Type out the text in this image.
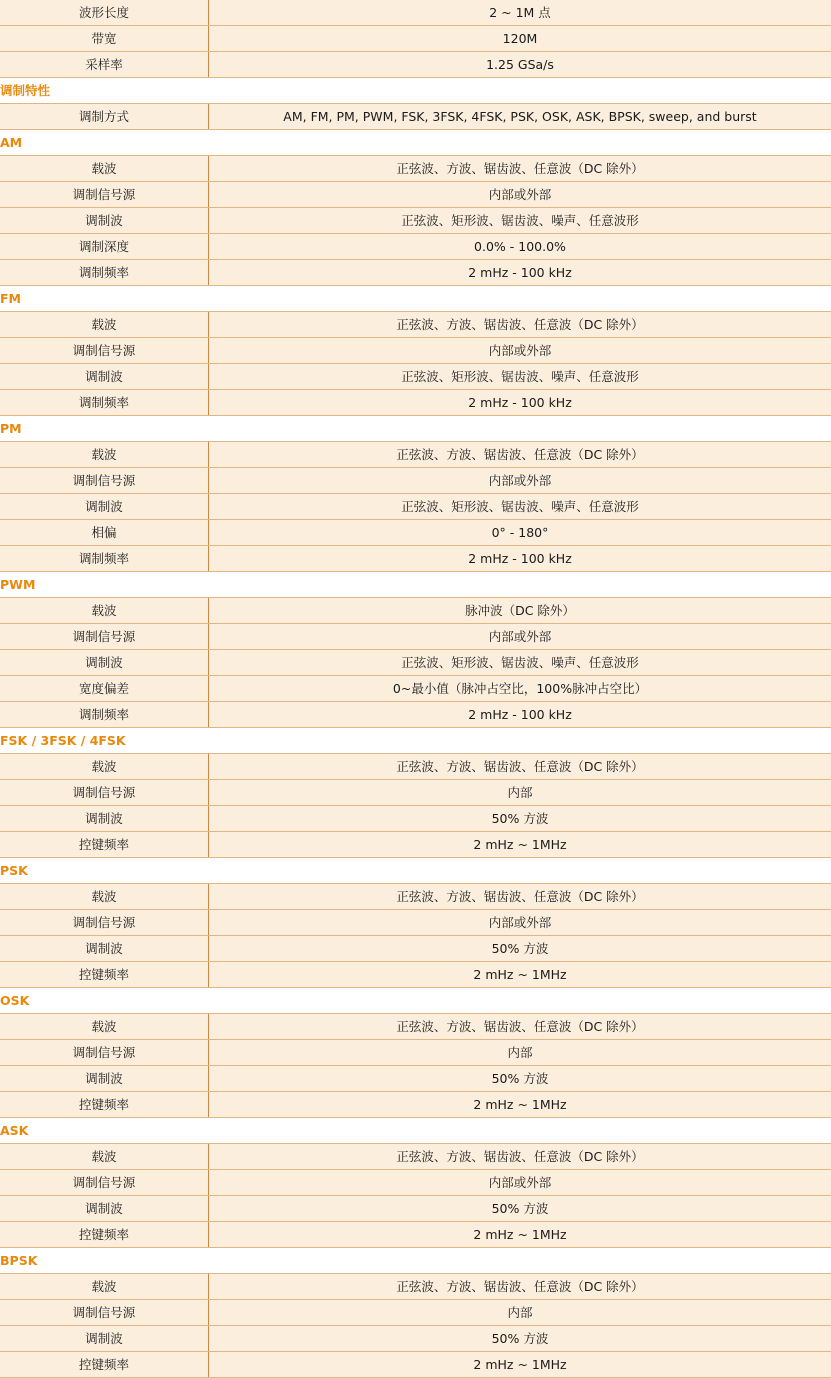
波形长度	2 ~ 1M 点
带宽	120M
采样率	1.25 GSa/s
调制特性
调制方式	AM, FM, PM, PWM, FSK, 3FSK, 4FSK, PSK, OSK, ASK, BPSK, sweep, and burst
AM
载波	正弦波、方波、锯齿波、任意波（DC 除外）
调制信号源	内部或外部
调制波	正弦波、矩形波、锯齿波、噪声、任意波形
调制深度	0.0% - 100.0%
调制频率	2 mHz - 100 kHz
FM
载波	正弦波、方波、锯齿波、任意波（DC 除外）
调制信号源	内部或外部
调制波	正弦波、矩形波、锯齿波、噪声、任意波形
调制频率	2 mHz - 100 kHz
PM
载波	正弦波、方波、锯齿波、任意波（DC 除外）
调制信号源	内部或外部
调制波	正弦波、矩形波、锯齿波、噪声、任意波形
相偏	0° - 180°
调制频率	2 mHz - 100 kHz
PWM
载波	脉冲波（DC 除外）
调制信号源	内部或外部
调制波	正弦波、矩形波、锯齿波、噪声、任意波形
宽度偏差	0~最小值（脉冲占空比，100%脉冲占空比）
调制频率	2 mHz - 100 kHz
FSK / 3FSK / 4FSK
载波	正弦波、方波、锯齿波、任意波（DC 除外）
调制信号源	内部
调制波	50% 方波
控键频率	2 mHz ~ 1MHz
PSK
载波	正弦波、方波、锯齿波、任意波（DC 除外）
调制信号源	内部或外部
调制波	50% 方波
控键频率	2 mHz ~ 1MHz
OSK
载波	正弦波、方波、锯齿波、任意波（DC 除外）
调制信号源	内部
调制波	50% 方波
控键频率	2 mHz ~ 1MHz
ASK
载波	正弦波、方波、锯齿波、任意波（DC 除外）
调制信号源	内部或外部
调制波	50% 方波
控键频率	2 mHz ~ 1MHz
BPSK
载波	正弦波、方波、锯齿波、任意波（DC 除外）
调制信号源	内部
调制波	50% 方波
控键频率	2 mHz ~ 1MHz
